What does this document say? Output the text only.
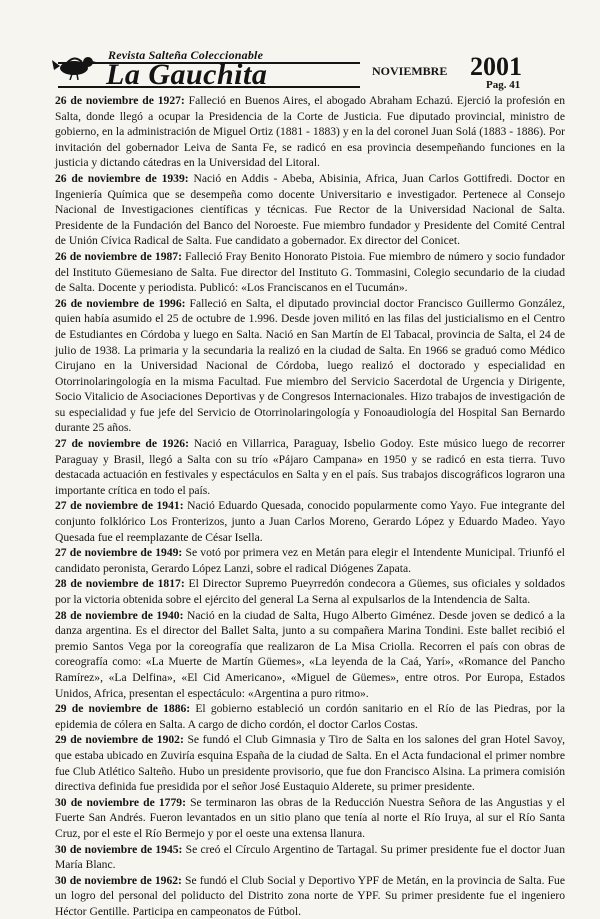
Revista Salteña Coleccionable
La Gauchita	NOVIEMBRE 2001
Pag. 41

26 de noviembre de 1927: Falleció en Buenos Aires, el abogado Abraham Echazú. Ejerció la profesión en Salta, donde llegó a ocupar la Presidencia de la Corte de Justicia. Fue diputado provincial, ministro de gobierno, en la administración de Miguel Ortiz (1881 - 1883) y en la del coronel Juan Solá (1883 - 1886). Por invitación del gobernador Leiva de Santa Fe, se radicó en esa provincia desempeñando funciones en la justicia y dictando cátedras en la Universidad del Litoral.

26 de noviembre de 1939: Nació en Addis - Abeba, Abisinia, Africa, Juan Carlos Gottifredi. Doctor en Ingeniería Química que se desempeña como docente Universitario e investigador. Pertenece al Consejo Nacional de Investigaciones científicas y técnicas. Fue Rector de la Universidad Nacional de Salta. Presidente de la Fundación del Banco del Noroeste. Fue miembro fundador y Presidente del Comité Central de Unión Cívica Radical de Salta. Fue candidato a gobernador. Ex director del Conicet.

26 de noviembre de 1987: Falleció Fray Benito Honorato Pistoia. Fue miembro de número y socio fundador del Instituto Güemesiano de Salta. Fue director del Instituto G. Tommasini, Colegio secundario de la ciudad de Salta. Docente y periodista. Publicó: «Los Franciscanos en el Tucumán».

26 de noviembre de 1996: Falleció en Salta, el diputado provincial doctor Francisco Guillermo González, quien había asumido el 25 de octubre de 1.996. Desde joven militó en las filas del justicialismo en el Centro de Estudiantes en Córdoba y luego en Salta. Nació en San Martín de El Tabacal, provincia de Salta, el 24 de julio de 1938. La primaria y la secundaria la realizó en la ciudad de Salta. En 1966 se graduó como Médico Cirujano en la Universidad Nacional de Córdoba, luego realizó el doctorado y especialidad en Otorrinolaringología en la misma Facultad. Fue miembro del Servicio Sacerdotal de Urgencia y Dirigente, Socio Vitalicio de Asociaciones Deportivas y de Congresos Internacionales. Hizo trabajos de investigación de su especialidad y fue jefe del Servicio de Otorrinolaringología y Fonoaudiología del Hospital San Bernardo durante 25 años.

27 de noviembre de 1926: Nació en Villarrica, Paraguay, Isbelio Godoy. Este músico luego de recorrer Paraguay y Brasil, llegó a Salta con su trío «Pájaro Campana» en 1950 y se radicó en esta tierra. Tuvo destacada actuación en festivales y espectáculos en Salta y en el país. Sus trabajos discográficos lograron una importante crítica en todo el país.

27 de noviembre de 1941: Nació Eduardo Quesada, conocido popularmente como Yayo. Fue integrante del conjunto folklórico Los Fronterizos, junto a Juan Carlos Moreno, Gerardo López y Eduardo Madeo. Yayo Quesada fue el reemplazante de César Isella.

27 de noviembre de 1949: Se votó por primera vez en Metán para elegir el Intendente Municipal. Triunfó el candidato peronista, Gerardo López Lanzi, sobre el radical Diógenes Zapata.

28 de noviembre de 1817: El Director Supremo Pueyrredón condecora a Güemes, sus oficiales y soldados por la victoria obtenida sobre el ejército del general La Serna al expulsarlos de la Intendencia de Salta.

28 de noviembre de 1940: Nació en la ciudad de Salta, Hugo Alberto Giménez. Desde joven se dedicó a la danza argentina. Es el director del Ballet Salta, junto a su compañera Marina Tondini. Este ballet recibió el premio Santos Vega por la coreografía que realizaron de La Misa Criolla. Recorren el país con obras de coreografía como: «La Muerte de Martín Güemes», «La leyenda de la Caá, Yarí», «Romance del Pancho Ramírez», «La Delfina», «El Cid Americano», «Miguel de Güemes», entre otros. Por Europa, Estados Unidos, Africa, presentan el espectáculo: «Argentina a puro ritmo».

29 de noviembre de 1886: El gobierno estableció un cordón sanitario en el Río de las Piedras, por la epidemia de cólera en Salta. A cargo de dicho cordón, el doctor Carlos Costas.

29 de noviembre de 1902: Se fundó el Club Gimnasia y Tiro de Salta en los salones del gran Hotel Savoy, que estaba ubicado en Zuviría esquina España de la ciudad de Salta. En el Acta fundacional el primer nombre fue Club Atlético Salteño. Hubo un presidente provisorio, que fue don Francisco Alsina. La primera comisión directiva definida fue presidida por el señor José Eustaquio Alderete, su primer presidente.

30 de noviembre de 1779: Se terminaron las obras de la Reducción Nuestra Señora de las Angustias y el Fuerte San Andrés. Fueron levantados en un sitio plano que tenía al norte el Río Iruya, al sur el Río Santa Cruz, por el este el Río Bermejo y por el oeste una extensa llanura.

30 de noviembre de 1945: Se creó el Círculo Argentino de Tartagal. Su primer presidente fue el doctor Juan María Blanc.

30 de noviembre de 1962: Se fundó el Club Social y Deportivo YPF de Metán, en la provincia de Salta. Fue un logro del personal del poliducto del Distrito zona norte de YPF. Su primer presidente fue el ingeniero Héctor Gentille. Participa en campeonatos de Fútbol.
